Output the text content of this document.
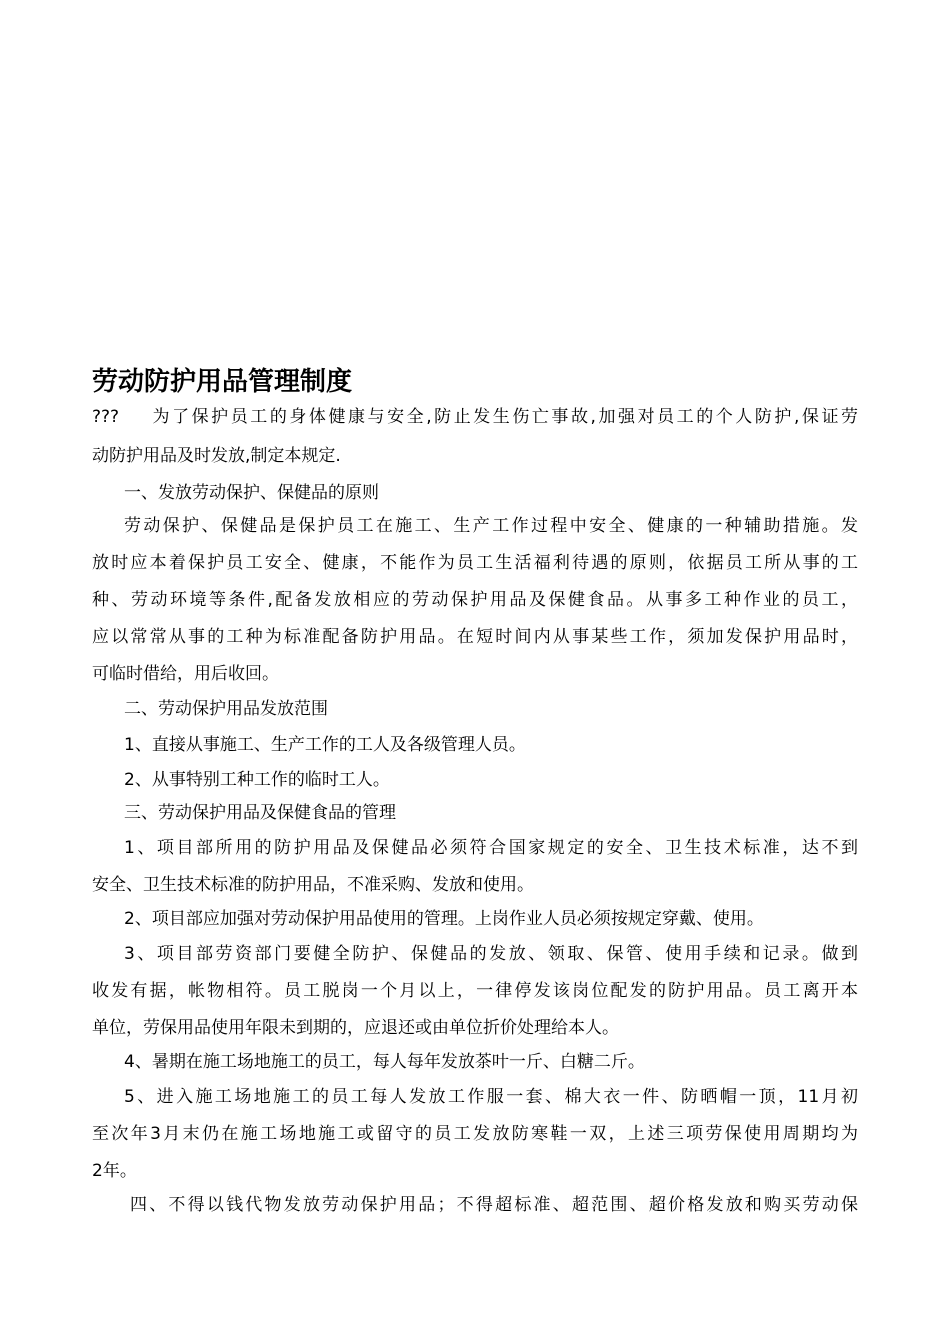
劳动防护用品管理制度
??? 为了保护员工的身体健康与安全,防止发生伤亡事故,加强对员工的个人防护,保证劳
动防护用品及时发放,制定本规定.
一、发放劳动保护、保健品的原则
劳动保护、保健品是保护员工在施工、生产工作过程中安全、健康的一种辅助措施。发
放时应本着保护员工安全、健康，不能作为员工生活福利待遇的原则，依据员工所从事的工
种、劳动环境等条件,配备发放相应的劳动保护用品及保健食品。从事多工种作业的员工，
应以常常从事的工种为标准配备防护用品。在短时间内从事某些工作，须加发保护用品时，
可临时借给，用后收回。
二、劳动保护用品发放范围
1、直接从事施工、生产工作的工人及各级管理人员。
2、从事特别工种工作的临时工人。
三、劳动保护用品及保健食品的管理
1、项目部所用的防护用品及保健品必须符合国家规定的安全、卫生技术标准，达不到
安全、卫生技术标准的防护用品，不准采购、发放和使用。
2、项目部应加强对劳动保护用品使用的管理。上岗作业人员必须按规定穿戴、使用。
3、项目部劳资部门要健全防护、保健品的发放、领取、保管、使用手续和记录。做到
收发有据，帐物相符。员工脱岗一个月以上，一律停发该岗位配发的防护用品。员工离开本
单位，劳保用品使用年限未到期的，应退还或由单位折价处理给本人。
4、暑期在施工场地施工的员工，每人每年发放茶叶一斤、白糖二斤。
5、进入施工场地施工的员工每人发放工作服一套、棉大衣一件、防晒帽一顶，11月初
至次年3月末仍在施工场地施工或留守的员工发放防寒鞋一双，上述三项劳保使用周期均为
2年。
四、不得以钱代物发放劳动保护用品；不得超标准、超范围、超价格发放和购买劳动保
